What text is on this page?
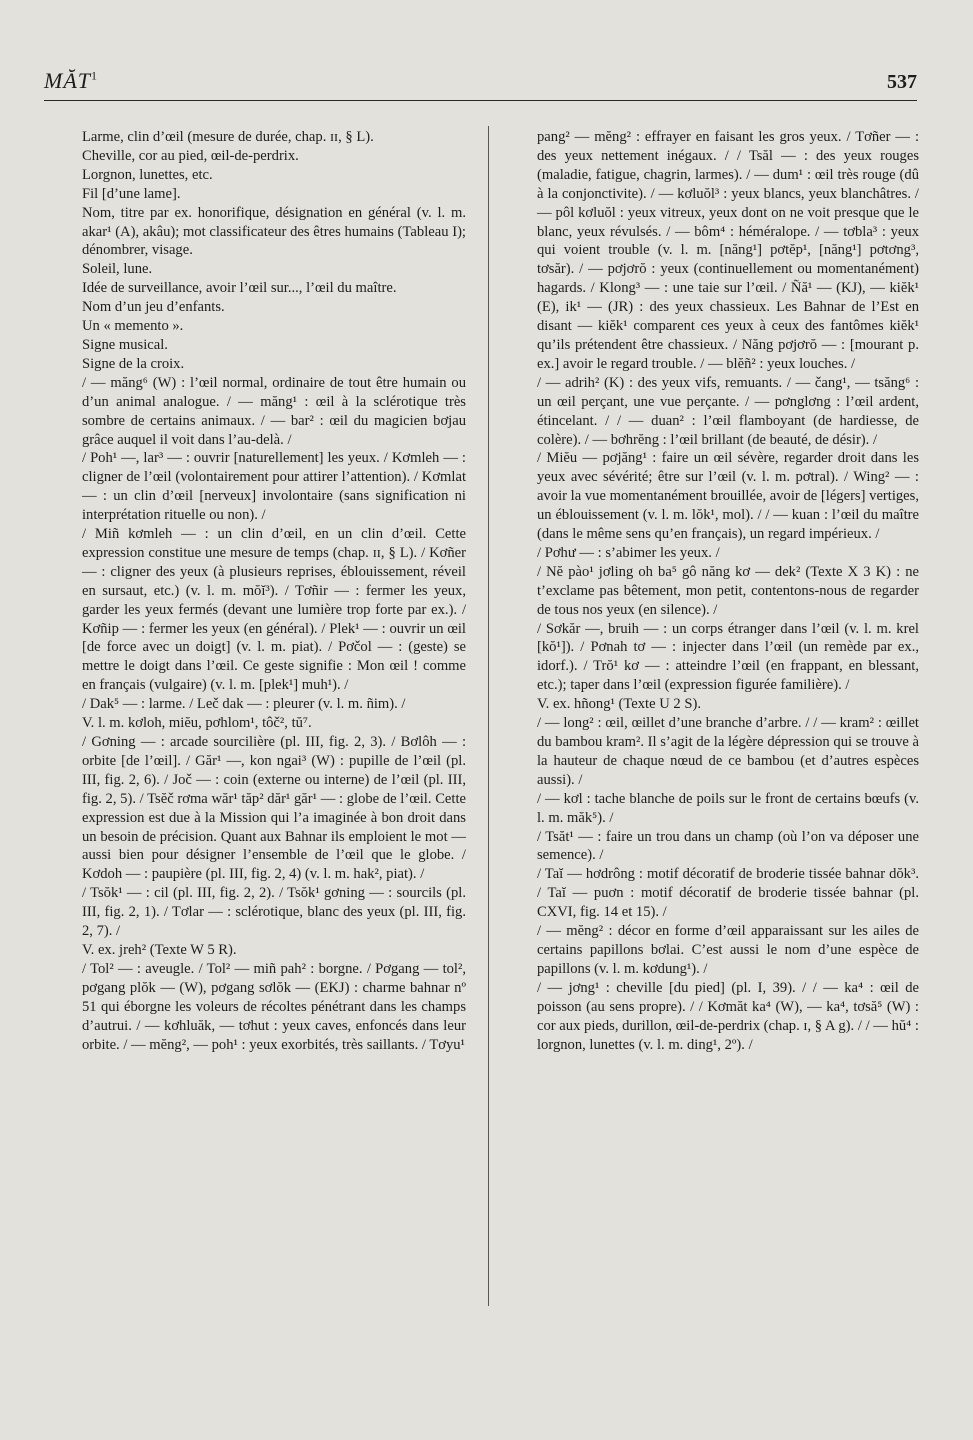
MĂT$^1$	537

Larme, clin d’œil (mesure de durée, chap. ɪɪ, § L).

Cheville, cor au pied, œil-de-perdrix.

Lorgnon, lunettes, etc.

Fil [d’une lame].

Nom, titre par ex. honorifique, désignation en général (v. l. m. akar¹ (A), akâu); mot classificateur des êtres humains (Tableau I); dénombrer, visage.

Soleil, lune.

Idée de surveillance, avoir l’œil sur..., l’œil du maître.

Nom d’un jeu d’enfants.

Un « memento ».

Signe musical.

Signe de la croix.

/ — măng⁶ (W) : l’œil normal, ordinaire de tout être humain ou d’un animal analogue. / — măng¹ : œil à la sclérotique très sombre de certains animaux. / — bar² : œil du magicien bơjau grâce auquel il voit dans l’au-delà. /

/ Poh¹ —, lar³ — : ouvrir [naturellement] les yeux. / Kơmleh — : cligner de l’œil (volontairement pour attirer l’attention). / Kơmlat — : un clin d’œil [nerveux] involontaire (sans signification ni interprétation rituelle ou non). /

/ Miñ kơmleh — : un clin d’œil, en un clin d’œil. Cette expression constitue une mesure de temps (chap. ɪɪ, § L). / Kơñer — : cligner des yeux (à plusieurs reprises, éblouissement, réveil en sursaut, etc.) (v. l. m. mŏĭ³). / Tơñir — : fermer les yeux, garder les yeux fermés (devant une lumière trop forte par ex.). / Kơñip — : fermer les yeux (en général). / Plek¹ — : ouvrir un œil [de force avec un doigt] (v. l. m. piat). / Pơčol — : (geste) se mettre le doigt dans l’œil. Ce geste signifie : Mon œil ! comme en français (vulgaire) (v. l. m. [plek¹] muh¹). /

/ Dak⁵ — : larme. / Leč dak — : pleurer (v. l. m. ñim). /

V. l. m. kơloh, miĕu, pơhlom¹, tôč², tŭ⁷.

/ Gơning — : arcade sourcilière (pl. III, fig. 2, 3). / Bơlôh — : orbite [de l’œil]. / Găr¹ —, kon ngai³ (W) : pupille de l’œil (pl. III, fig. 2, 6). / Joč — : coin (externe ou interne) de l’œil (pl. III, fig. 2, 5). / Tsĕč rơma wăr¹ tăp² dăr¹ găr¹ — : globe de l’œil. Cette expression est due à la Mission qui l’a imaginée à bon droit dans un besoin de précision. Quant aux Bahnar ils emploient le mot — aussi bien pour désigner l’ensemble de l’œil que le globe. / Kơdoh — : paupière (pl. III, fig. 2, 4) (v. l. m. hak², piat). /

/ Tsŏk¹ — : cil (pl. III, fig. 2, 2). / Tsŏk¹ gơning — : sourcils (pl. III, fig. 2, 1). / Tơlar — : sclérotique, blanc des yeux (pl. III, fig. 2, 7). /

V. ex. jreh² (Texte W 5 R).

/ Tol² — : aveugle. / Tol² — miñ pah² : borgne. / Pơgang — tol², pơgang plŏk — (W), pơgang sơlŏk — (EKJ) : charme bahnar nº 51 qui éborgne les voleurs de récoltes pénétrant dans les champs d’autrui. / — kơhluăk, — tơhut : yeux caves, enfoncés dans leur orbite. / — mĕng², — poh¹ : yeux exorbités, très saillants. / Tơyu¹

pang² — mĕng² : effrayer en faisant les gros yeux. / Tơñer — : des yeux nettement inégaux. / / Tsăl — : des yeux rouges (maladie, fatigue, chagrin, larmes). / — dum¹ : œil très rouge (dû à la conjonctivite). / — kơluŏl³ : yeux blancs, yeux blanchâtres. / — pôl kơluŏl : yeux vitreux, yeux dont on ne voit presque que le blanc, yeux révulsés. / — bôm⁴ : héméralope. / — tơbla³ : yeux qui voient trouble (v. l. m. [năng¹] pơtĕp¹, [năng¹] pơtơng³, tơsăr). / — pơjơrŏ : yeux (continuellement ou momentanément) hagards. / Klong³ — : une taie sur l’œil. / Ñă¹ — (KJ), — kiĕk¹ (E), ik¹ — (JR) : des yeux chassieux. Les Bahnar de l’Est en disant — kiĕk¹ comparent ces yeux à ceux des fantômes kiĕk¹ qu’ils prétendent être chassieux. / Năng pơjơrŏ — : [mourant p. ex.] avoir le regard trouble. / — blĕñ² : yeux louches. /

/ — adrih² (K) : des yeux vifs, remuants. / — čang¹, — tsăng⁶ : un œil perçant, une vue perçante. / — pơnglơng : l’œil ardent, étincelant. / / — duan² : l’œil flamboyant (de hardiesse, de colère). / — bơhrĕng : l’œil brillant (de beauté, de désir). /

/ Miĕu — pơjăng¹ : faire un œil sévère, regarder droit dans les yeux avec sévérité; être sur l’œil (v. l. m. pơtral). / Wing² — : avoir la vue momentanément brouillée, avoir de [légers] vertiges, un éblouissement (v. l. m. lŏk¹, mol). / / — kuan : l’œil du maître (dans le même sens qu’en français), un regard impérieux. /

/ Pơhư — : s’abimer les yeux. /

/ Nĕ pào¹ jơling oh ba⁵ gô năng kơ — dek² (Texte X 3 K) : ne t’exclame pas bêtement, mon petit, contentons-nous de regarder de tous nos yeux (en silence). /

/ Sơkăr —, bruih — : un corps étranger dans l’œil (v. l. m. krel [kŏ¹]). / Pơnah tơ — : injecter dans l’œil (un remède par ex., idorf.). / Trŏ¹ kơ — : atteindre l’œil (en frappant, en blessant, etc.); taper dans l’œil (expression figurée familière). /

V. ex. hñong¹ (Texte U 2 S).

/ — long² : œil, œillet d’une branche d’arbre. / / — kram² : œillet du bambou kram². Il s’agit de la légère dépression qui se trouve à la hauteur de chaque nœud de ce bambou (et d’autres espèces aussi). /

/ — kơl : tache blanche de poils sur le front de certains bœufs (v. l. m. măk⁵). /

/ Tsăt¹ — : faire un trou dans un champ (où l’on va déposer une semence). /

/ Taĭ — hơdrông : motif décoratif de broderie tissée bahnar dŏk³. / Taĭ — puơn : motif décoratif de broderie tissée bahnar (pl. CXVI, fig. 14 et 15). /

/ — mĕng² : décor en forme d’œil apparaissant sur les ailes de certains papillons bơlai. C’est aussi le nom d’une espèce de papillons (v. l. m. kơdung¹). /

/ — jơng¹ : cheville [du pied] (pl. I, 39). / / — ka⁴ : œil de poisson (au sens propre). / / Kơmăt ka⁴ (W), — ka⁴, tơsă⁵ (W) : cor aux pieds, durillon, œil-de-perdrix (chap. ɪ, § A g). / / — hŭ⁴ : lorgnon, lunettes (v. l. m. ding¹, 2º). /
